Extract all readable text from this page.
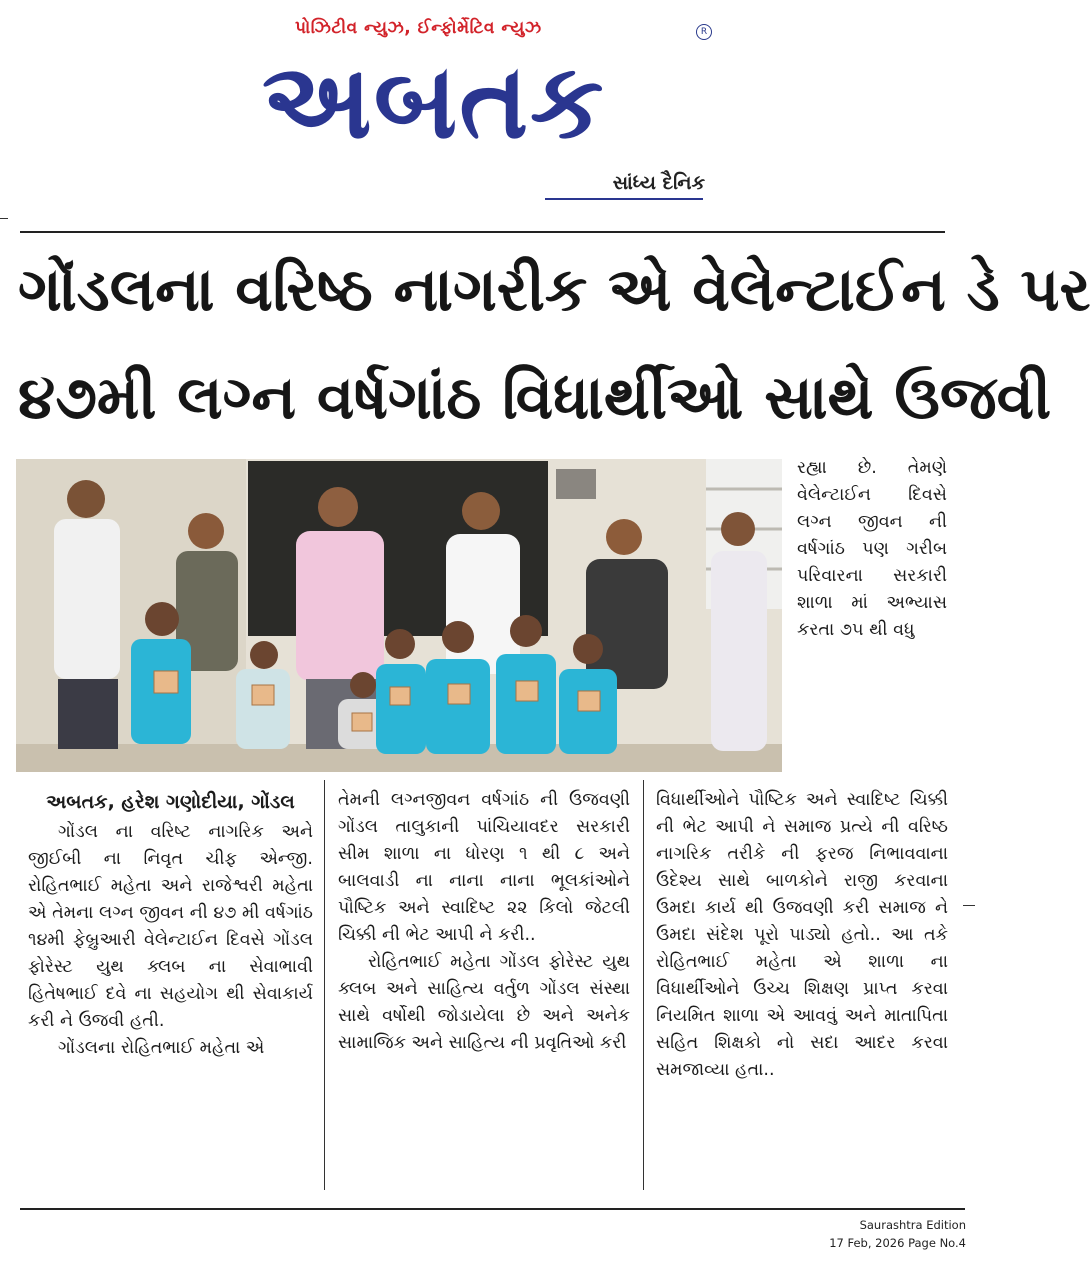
પોઝિટીવ ન્યુઝ, ઈન્ફોર્મેટિવ ન્યુઝ	R
અબતક
સાંધ્ય દૈનિક
ગોંડલના વરિષ્ઠ નાગરીક એ વેલેન્ટાઈન ડે પર
૪૭મી લગ્ન વર્ષગાંઠ વિધાર્થીઓ સાથે ઉજવી
રહ્યા છે. તેમણે વેલેન્ટાઈન દિવસે લગ્ન જીવન ની વર્ષગાંઠ પણ ગરીબ પરિવારના સરકારી શાળા માં અભ્યાસ કરતા ૭૫ થી વધુ
અબતક, હરેશ ગણોદીયા, ગોંડલ

ગોંડલ ના વરિષ્ટ નાગરિક અને જીઈબી ના નિવૃત ચીફ એન્જી. રોહિતભાઈ મહેતા અને રાજેશ્વરી મહેતા એ તેમના લગ્ન જીવન ની ૪૭ મી વર્ષગાંઠ ૧૪મી ફેબ્રુઆરી વેલેન્ટાઈન દિવસે ગોંડલ ફોરેસ્ટ યુથ ક્લબ ના સેવાભાવી હિતેષભાઈ દવે ના સહયોગ થી સેવાકાર્ય કરી ને ઉજવી હતી.

ગોંડલના રોહિતભાઈ મહેતા એ

તેમની લગ્નજીવન વર્ષગાંઠ ની ઉજવણી ગોંડલ તાલુકાની પાંચિયાવદર સરકારી સીમ શાળા ના ધોરણ ૧ થી ૮ અને બાલવાડી ના નાના નાના ભૂલકાંઓને પૌષ્ટિક અને સ્વાદિષ્ટ ૨૨ કિલો જેટલી ચિક્કી ની ભેટ આપી ને કરી..

રોહિતભાઈ મહેતા ગોંડલ ફોરેસ્ટ યુથ ક્લબ અને સાહિત્ય વર્તુળ ગોંડલ સંસ્થા સાથે વર્ષોથી જોડાયેલા છે અને અનેક સામાજિક અને સાહિત્ય ની પ્રવૃતિઓ કરી

વિધાર્થીઓને પૌષ્ટિક અને સ્વાદિષ્ટ ચિક્કી ની ભેટ આપી ને સમાજ પ્રત્યે ની વરિષ્ઠ નાગરિક તરીકે ની ફરજ નિભાવવાના ઉદેશ્ય સાથે બાળકોને રાજી કરવાના ઉમદા કાર્ય થી ઉજવણી કરી સમાજ ને ઉમદા સંદેશ પૂરો પાડ્યો હતો.. આ તકે રોહિતભાઈ મહેતા એ શાળા ના વિધાર્થીઓને ઉચ્ચ શિક્ષણ પ્રાપ્ત કરવા નિયમિત શાળા એ આવવું અને માતાપિતા સહિત શિક્ષકો નો સદા આદર કરવા સમજાવ્યા હતા..

Saurashtra Edition
17 Feb, 2026 Page No.4
